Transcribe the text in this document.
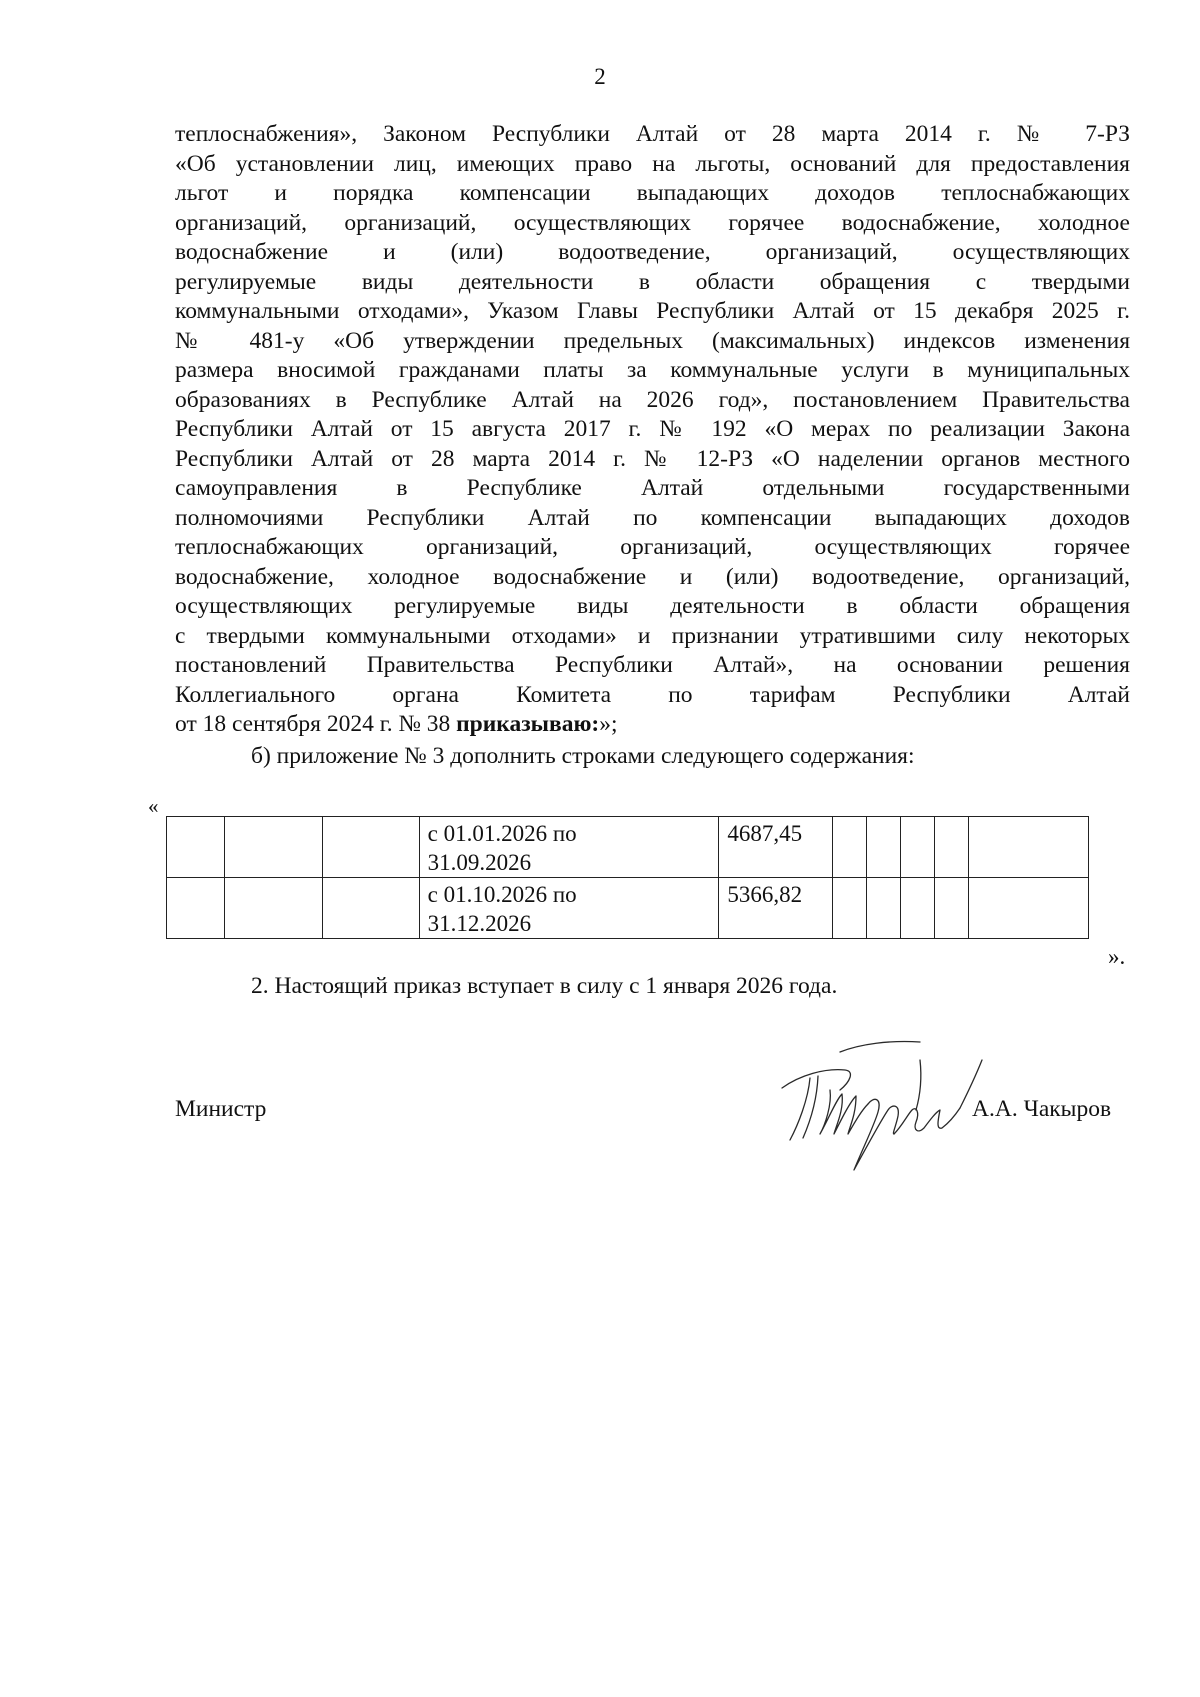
2

теплоснабжения», Законом Республики Алтай от 28 марта 2014 г. № 7-РЗ

«Об установлении лиц, имеющих право на льготы, оснований для предоставления

льгот и порядка компенсации выпадающих доходов теплоснабжающих

организаций, организаций, осуществляющих горячее водоснабжение, холодное

водоснабжение и (или) водоотведение, организаций, осуществляющих

регулируемые виды деятельности в области обращения с твердыми

коммунальными отходами», Указом Главы Республики Алтай от 15 декабря 2025 г.

№ 481-у «Об утверждении предельных (максимальных) индексов изменения

размера вносимой гражданами платы за коммунальные услуги в муниципальных

образованиях в Республике Алтай на 2026 год», постановлением Правительства

Республики Алтай от 15 августа 2017 г. № 192 «О мерах по реализации Закона

Республики Алтай от 28 марта 2014 г. № 12-РЗ «О наделении органов местного

самоуправления в Республике Алтай отдельными государственными

полномочиями Республики Алтай по компенсации выпадающих доходов

теплоснабжающих организаций, организаций, осуществляющих горячее

водоснабжение, холодное водоснабжение и (или) водоотведение, организаций,

осуществляющих регулируемые виды деятельности в области обращения

с твердыми коммунальными отходами» и признании утратившими силу некоторых

постановлений Правительства Республики Алтай», на основании решения

Коллегиального органа Комитета по тарифам Республики Алтай

от 18 сентября 2024 г. № 38 приказываю:»;

б) приложение № 3 дополнить строками следующего содержания:

«

			с 01.01.2026 по
31.09.2026	4687,45					

			с 01.10.2026 по
31.12.2026	5366,82					
».
2. Настоящий приказ вступает в силу с 1 января 2026 года.
Министр	А.А. Чакыров
